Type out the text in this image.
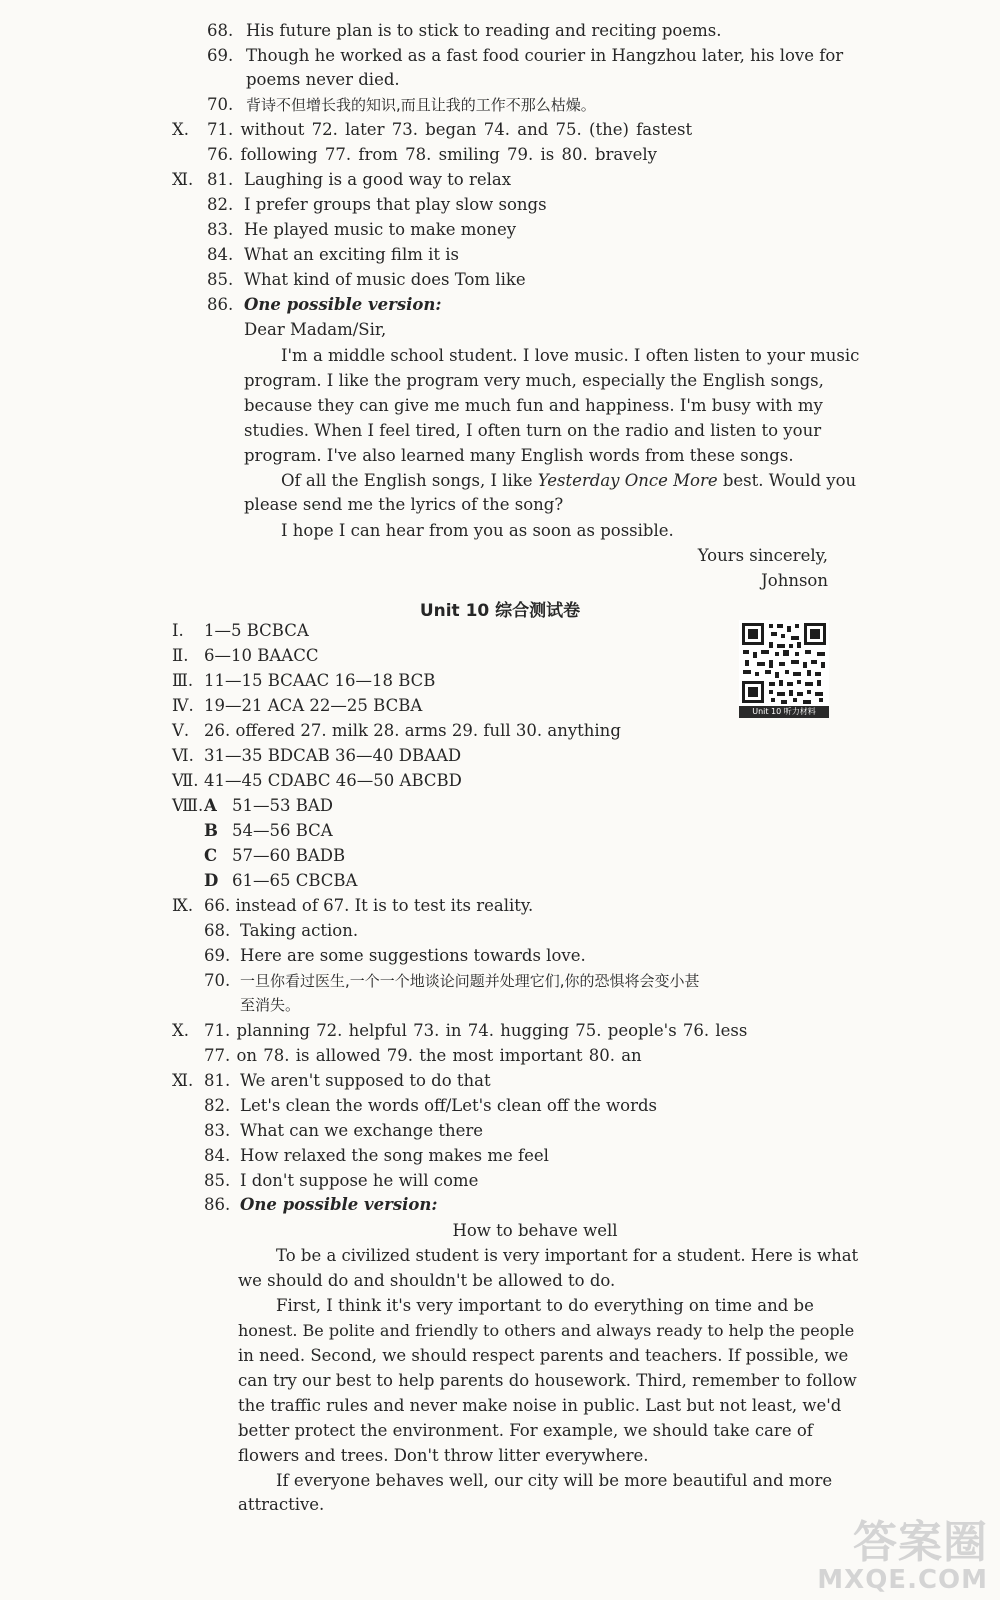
68. His future plan is to stick to reading and reciting poems.
69. Though he worked as a fast food courier in Hangzhou later, his love for
poems never died.
70. 背诗不但增长我的知识,而且让我的工作不那么枯燥。
Ⅹ. 71. without 72. later 73. began 74. and 75. (the) fastest
76. following 77. from 78. smiling 79. is 80. bravely
Ⅺ. 81. Laughing is a good way to relax
82. I prefer groups that play slow songs
83. He played music to make money
84. What an exciting film it is
85. What kind of music does Tom like
86. One possible version:
Dear Madam/Sir,
I'm a middle school student. I love music. I often listen to your music
program. I like the program very much, especially the English songs,
because they can give me much fun and happiness. I'm busy with my
studies. When I feel tired, I often turn on the radio and listen to your
program. I've also learned many English words from these songs.
Of all the English songs, I like Yesterday Once More best. Would you
please send me the lyrics of the song?
I hope I can hear from you as soon as possible.
Yours sincerely,
Johnson
Unit 10 综合测试卷
Unit 10 听力材料
Ⅰ. 1—5 BCBCA
Ⅱ. 6—10 BAACC
Ⅲ. 11—15 BCAAC 16—18 BCB
Ⅳ. 19—21 ACA 22—25 BCBA
Ⅴ. 26. offered 27. milk 28. arms 29. full 30. anything
Ⅵ. 31—35 BDCAB 36—40 DBAAD
Ⅶ. 41—45 CDABC 46—50 ABCBD
Ⅷ. A 51—53 BAD
B 54—56 BCA
C 57—60 BADB
D 61—65 CBCBA
Ⅸ. 66. instead of 67. It is to test its reality.
68. Taking action.
69. Here are some suggestions towards love.
70. 一旦你看过医生,一个一个地谈论问题并处理它们,你的恐惧将会变小甚
至消失。
Ⅹ. 71. planning 72. helpful 73. in 74. hugging 75. people's 76. less
77. on 78. is allowed 79. the most important 80. an
Ⅺ. 81. We aren't supposed to do that
82. Let's clean the words off/Let's clean off the words
83. What can we exchange there
84. How relaxed the song makes me feel
85. I don't suppose he will come
86. One possible version:
How to behave well
To be a civilized student is very important for a student. Here is what
we should do and shouldn't be allowed to do.
First, I think it's very important to do everything on time and be
honest. Be polite and friendly to others and always ready to help the people
in need. Second, we should respect parents and teachers. If possible, we
can try our best to help parents do housework. Third, remember to follow
the traffic rules and never make noise in public. Last but not least, we'd
better protect the environment. For example, we should take care of
flowers and trees. Don't throw litter everywhere.
If everyone behaves well, our city will be more beautiful and more
attractive.
答案圈
MXQE.COM
